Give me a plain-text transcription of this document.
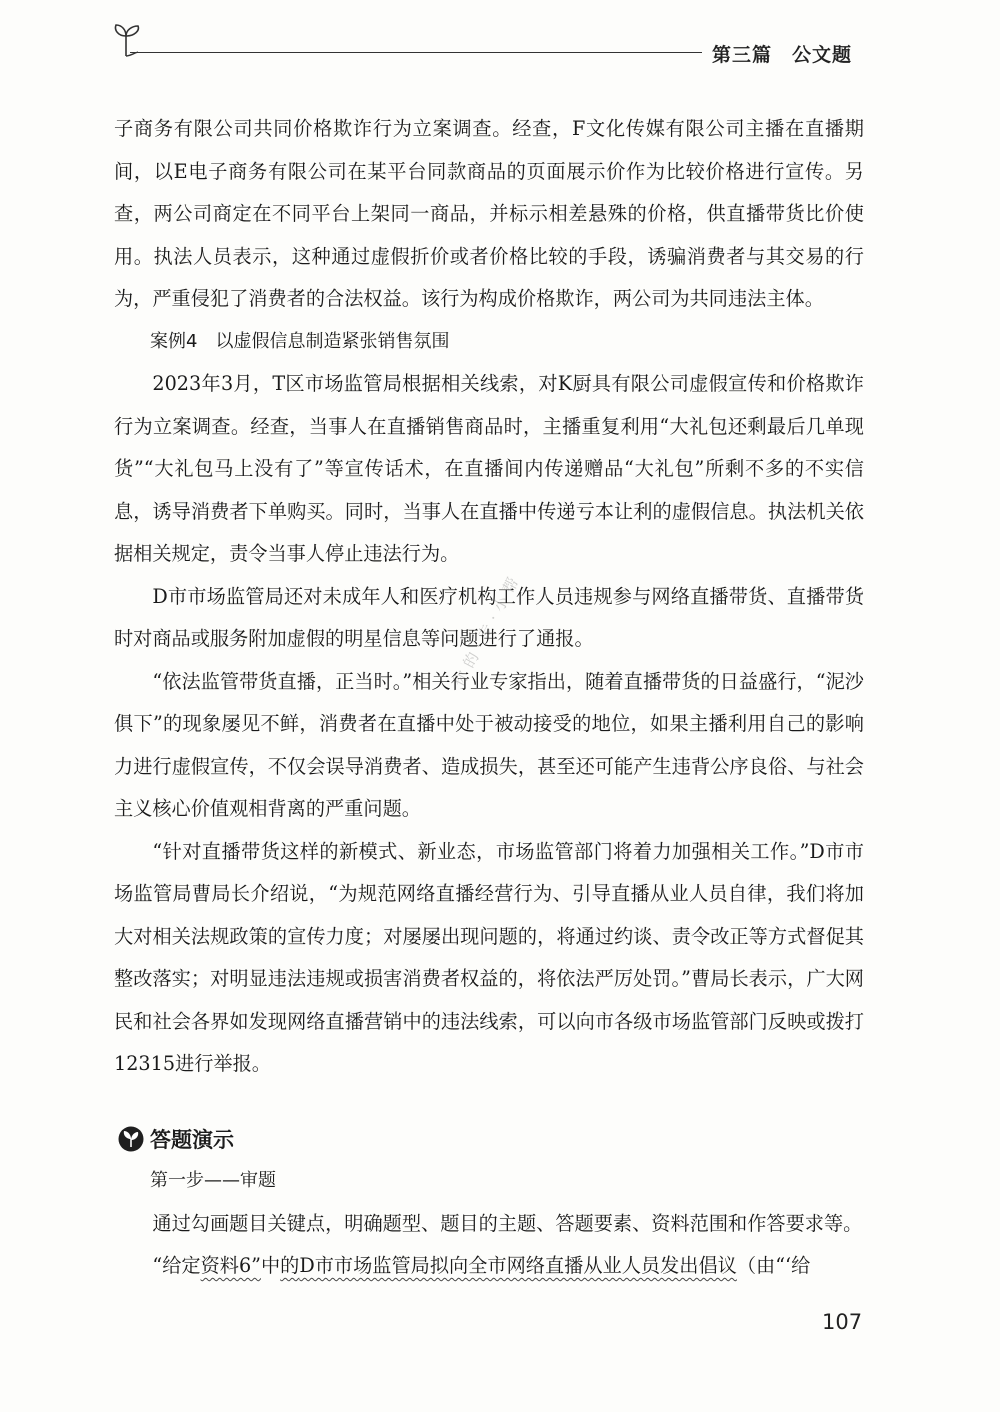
第三篇　公文题

子商务有限公司共同价格欺诈行为立案调查。经查，F文化传媒有限公司主播在直播期间，以E电子商务有限公司在某平台同款商品的页面展示价作为比较价格进行宣传。另查，两公司商定在不同平台上架同一商品，并标示相差悬殊的价格，供直播带货比价使用。执法人员表示，这种通过虚假折价或者价格比较的手段，诱骗消费者与其交易的行为，严重侵犯了消费者的合法权益。该行为构成价格欺诈，两公司为共同违法主体。

案例4　以虚假信息制造紧张销售氛围

2023年3月，T区市场监管局根据相关线索，对K厨具有限公司虚假宣传和价格欺诈行为立案调查。经查，当事人在直播销售商品时，主播重复利用“大礼包还剩最后几单现货”“大礼包马上没有了”等宣传话术，在直播间内传递赠品“大礼包”所剩不多的不实信息，诱导消费者下单购买。同时，当事人在直播中传递亏本让利的虚假信息。执法机关依据相关规定，责令当事人停止违法行为。

D市市场监管局还对未成年人和医疗机构工作人员违规参与网络直播带货、直播带货时对商品或服务附加虚假的明星信息等问题进行了通报。

“依法监管带货直播，正当时。”相关行业专家指出，随着直播带货的日益盛行，“泥沙俱下”的现象屡见不鲜，消费者在直播中处于被动接受的地位，如果主播利用自己的影响力进行虚假宣传，不仅会误导消费者、造成损失，甚至还可能产生违背公序良俗、与社会主义核心价值观相背离的严重问题。

“针对直播带货这样的新模式、新业态，市场监管部门将着力加强相关工作。”D市市场监管局曹局长介绍说，“为规范网络直播经营行为、引导直播从业人员自律，我们将加大对相关法规政策的宣传力度；对屡屡出现问题的，将通过约谈、责令改正等方式督促其整改落实；对明显违法违规或损害消费者权益的，将依法严厉处罚。”曹局长表示，广大网民和社会各界如发现网络直播营销中的违法线索，可以向市各级市场监管部门反映或拨打12315进行举报。

你的·专·小帮
答题演示

第一步——审题

通过勾画题目关键点，明确题型、题目的主题、答题要素、资料范围和作答要求等。

“给定资料6”中的D市市场监管局拟向全市网络直播从业人员发出倡议（由“‘给

107
